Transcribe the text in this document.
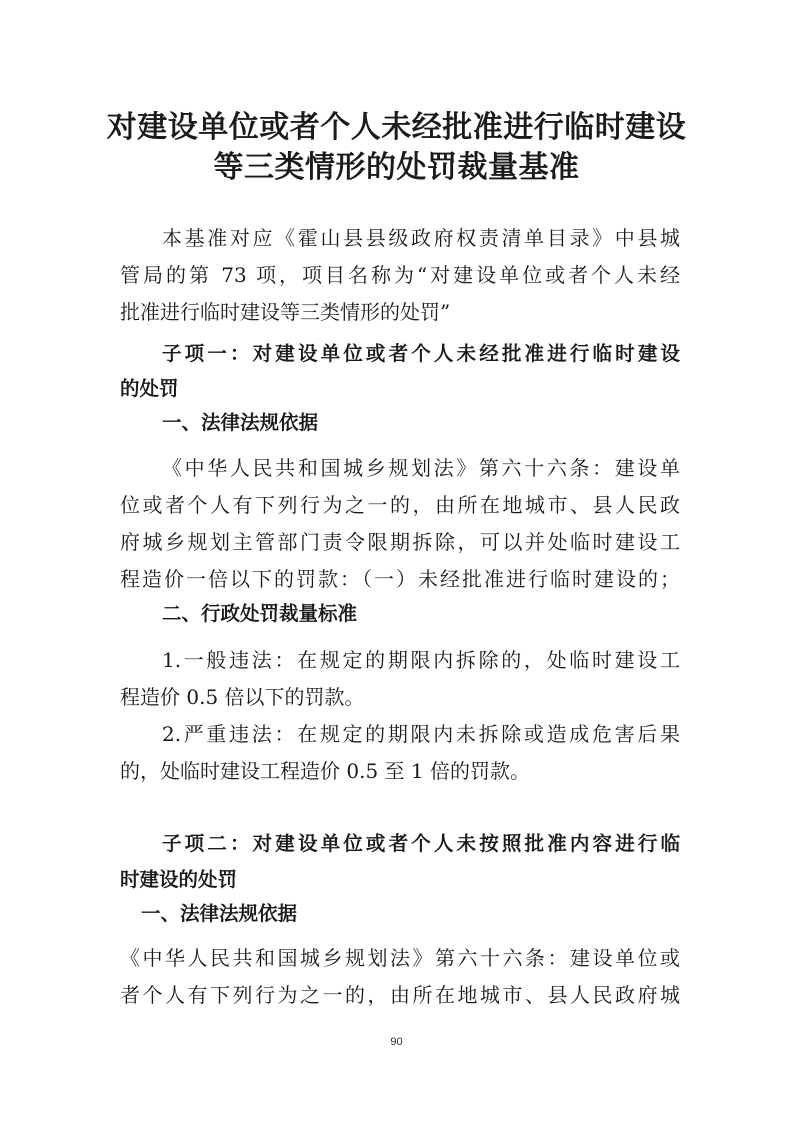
对建设单位或者个人未经批准进行临时建设
等三类情形的处罚裁量基准
本基准对应《霍山县县级政府权责清单目录》中县城
管局的第 73 项，项目名称为“对建设单位或者个人未经
批准进行临时建设等三类情形的处罚”
子项一：对建设单位或者个人未经批准进行临时建设
的处罚
一、法律法规依据
《中华人民共和国城乡规划法》第六十六条：建设单
位或者个人有下列行为之一的，由所在地城市、县人民政
府城乡规划主管部门责令限期拆除，可以并处临时建设工
程造价一倍以下的罚款：（一）未经批准进行临时建设的；
二、行政处罚裁量标准
1.一般违法：在规定的期限内拆除的，处临时建设工
程造价 0.5 倍以下的罚款。
2.严重违法：在规定的期限内未拆除或造成危害后果
的，处临时建设工程造价 0.5 至 1 倍的罚款。
子项二：对建设单位或者个人未按照批准内容进行临
时建设的处罚
一、法律法规依据
《中华人民共和国城乡规划法》第六十六条：建设单位或
者个人有下列行为之一的，由所在地城市、县人民政府城
90
